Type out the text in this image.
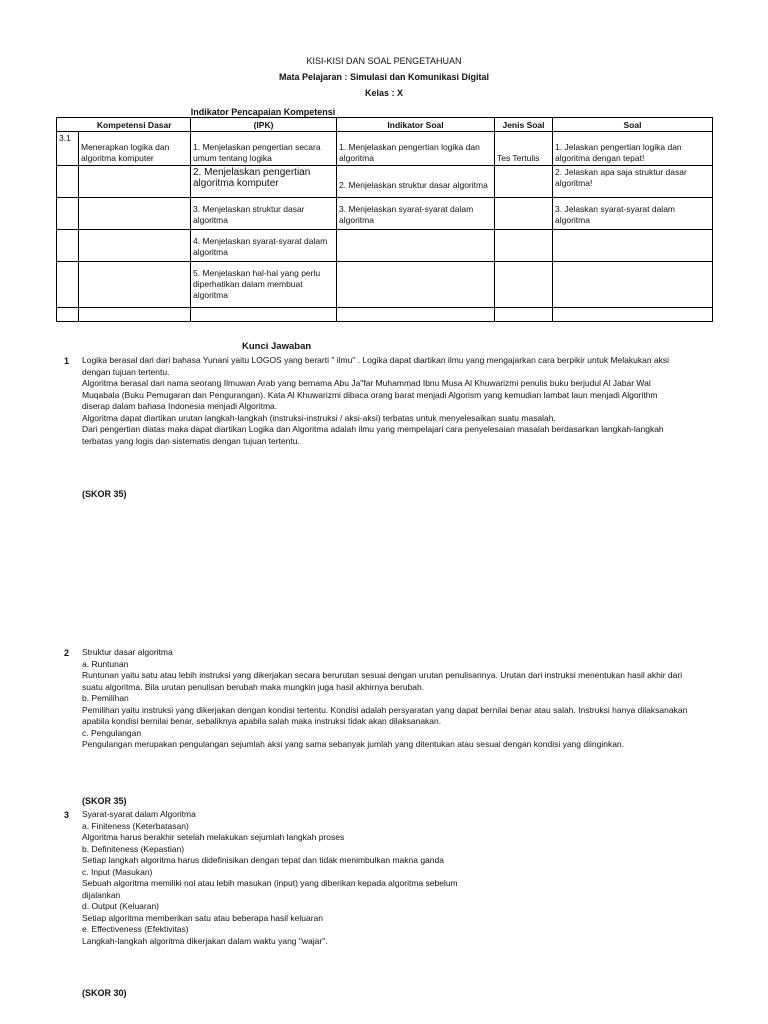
KISI-KISI DAN SOAL PENGETAHUAN
Mata Pelajaran : Simulasi dan Komunikasi Digital
Kelas : X
Indikator Pencapaian Kompetensi
	Kompetensi Dasar	(IPK)	Indikator Soal	Jenis Soal	Soal
3.1	Menerapkan logika dan algoritma komputer	1. Menjelaskan pengertian secara umum tentang logika	1. Menjelaskan pengertian logika dan algoritma	Tes Tertulis	1. Jelaskan pengertian logika dan algoritma dengan tepat!
		2. Menjelaskan pengertian algoritma komputer	2. Menjelaskan struktur dasar algoritma		2. Jelaskan apa saja struktur dasar algoritma!
		3. Menjelaskan struktur dasar algoritma	3. Menjelaskan syarat-syarat dalam algoritma		3. Jelaskan syarat-syarat dalam algoritma
		4. Menjelaskan syarat-syarat dalam algoritma			
		5. Menjelaskan hal-hal yang perlu diperhatikan dalam membuat algoritma			

Kunci Jawaban
1 Logika berasal dari dari bahasa Yunani yaitu LOGOS yang berarti " ilmu" . Logika dapat diartikan ilmu yang mengajarkan cara berpikir untuk Melakukan aksi
dengan tujuan tertentu.
Algoritma berasal dari nama seorang Ilmuwan Arab yang bernama Abu Ja"far Muhammad Ibnu Musa Al Khuwarizmi penulis buku berjudul Al Jabar Wal
Muqabala (Buku Pemugaran dan Pengurangan). Kata Al Khuwarizmi dibaca orang barat menjadi Algorism yang kemudian lambat laun menjadi Algorithm
diserap dalam bahasa Indonesia menjadi Algoritma.
Algoritma dapat diartikan urutan langkah-langkah (instruksi-instruksi / aksi-aksi) terbatas untuk menyelesaikan suatu masalah.
Dari pengertian diatas maka dapat diartikan Logika dan Algoritma adalah ilmu yang mempelajari cara penyelesaian masalah berdasarkan langkah-langkah
terbatas yang logis dan sistematis dengan tujuan tertentu.
(SKOR 35)
2 Struktur dasar algoritma
a. Runtunan
Runtunan yaitu satu atau lebih instruksi yang dikerjakan secara berurutan sesuai dengan urutan penulisannya. Urutan dari instruksi menentukan hasil akhir dari
suatu algoritma. Bila urutan penulisan berubah maka mungkin juga hasil akhirnya berubah.
b. Pemilihan
Pemilihan yaitu instruksi yang dikerjakan dengan kondisi tertentu. Kondisi adalah persyaratan yang dapat bernilai benar atau salah. Instruksi hanya dilaksanakan
apabila kondisi bernilai benar, sebaliknya apabila salah maka instruksi tidak akan dilaksanakan.
c. Pengulangan
Pengulangan merupakan pengulangan sejumlah aksi yang sama sebanyak jumlah yang ditentukan atau sesuai dengan kondisi yang diinginkan.
(SKOR 35)
3 Syarat-syarat dalam Algoritma
a. Finiteness (Keterbatasan)
Algoritma harus berakhir setelah melakukan sejumlah langkah proses
b. Definiteness (Kepastian)
Setiap langkah algoritma harus didefinisikan dengan tepat dan tidak menimbulkan makna ganda
c. Input (Masukan)
Sebuah algoritma memiliki nol atau lebih masukan (input) yang diberikan kepada algoritma sebelum
dijalankan
d. Output (Keluaran)
Setiap algoritma memberikan satu atau beberapa hasil keluaran
e. Effectiveness (Efektivitas)
Langkah-langkah algoritma dikerjakan dalam waktu yang "wajar".
(SKOR 30)
